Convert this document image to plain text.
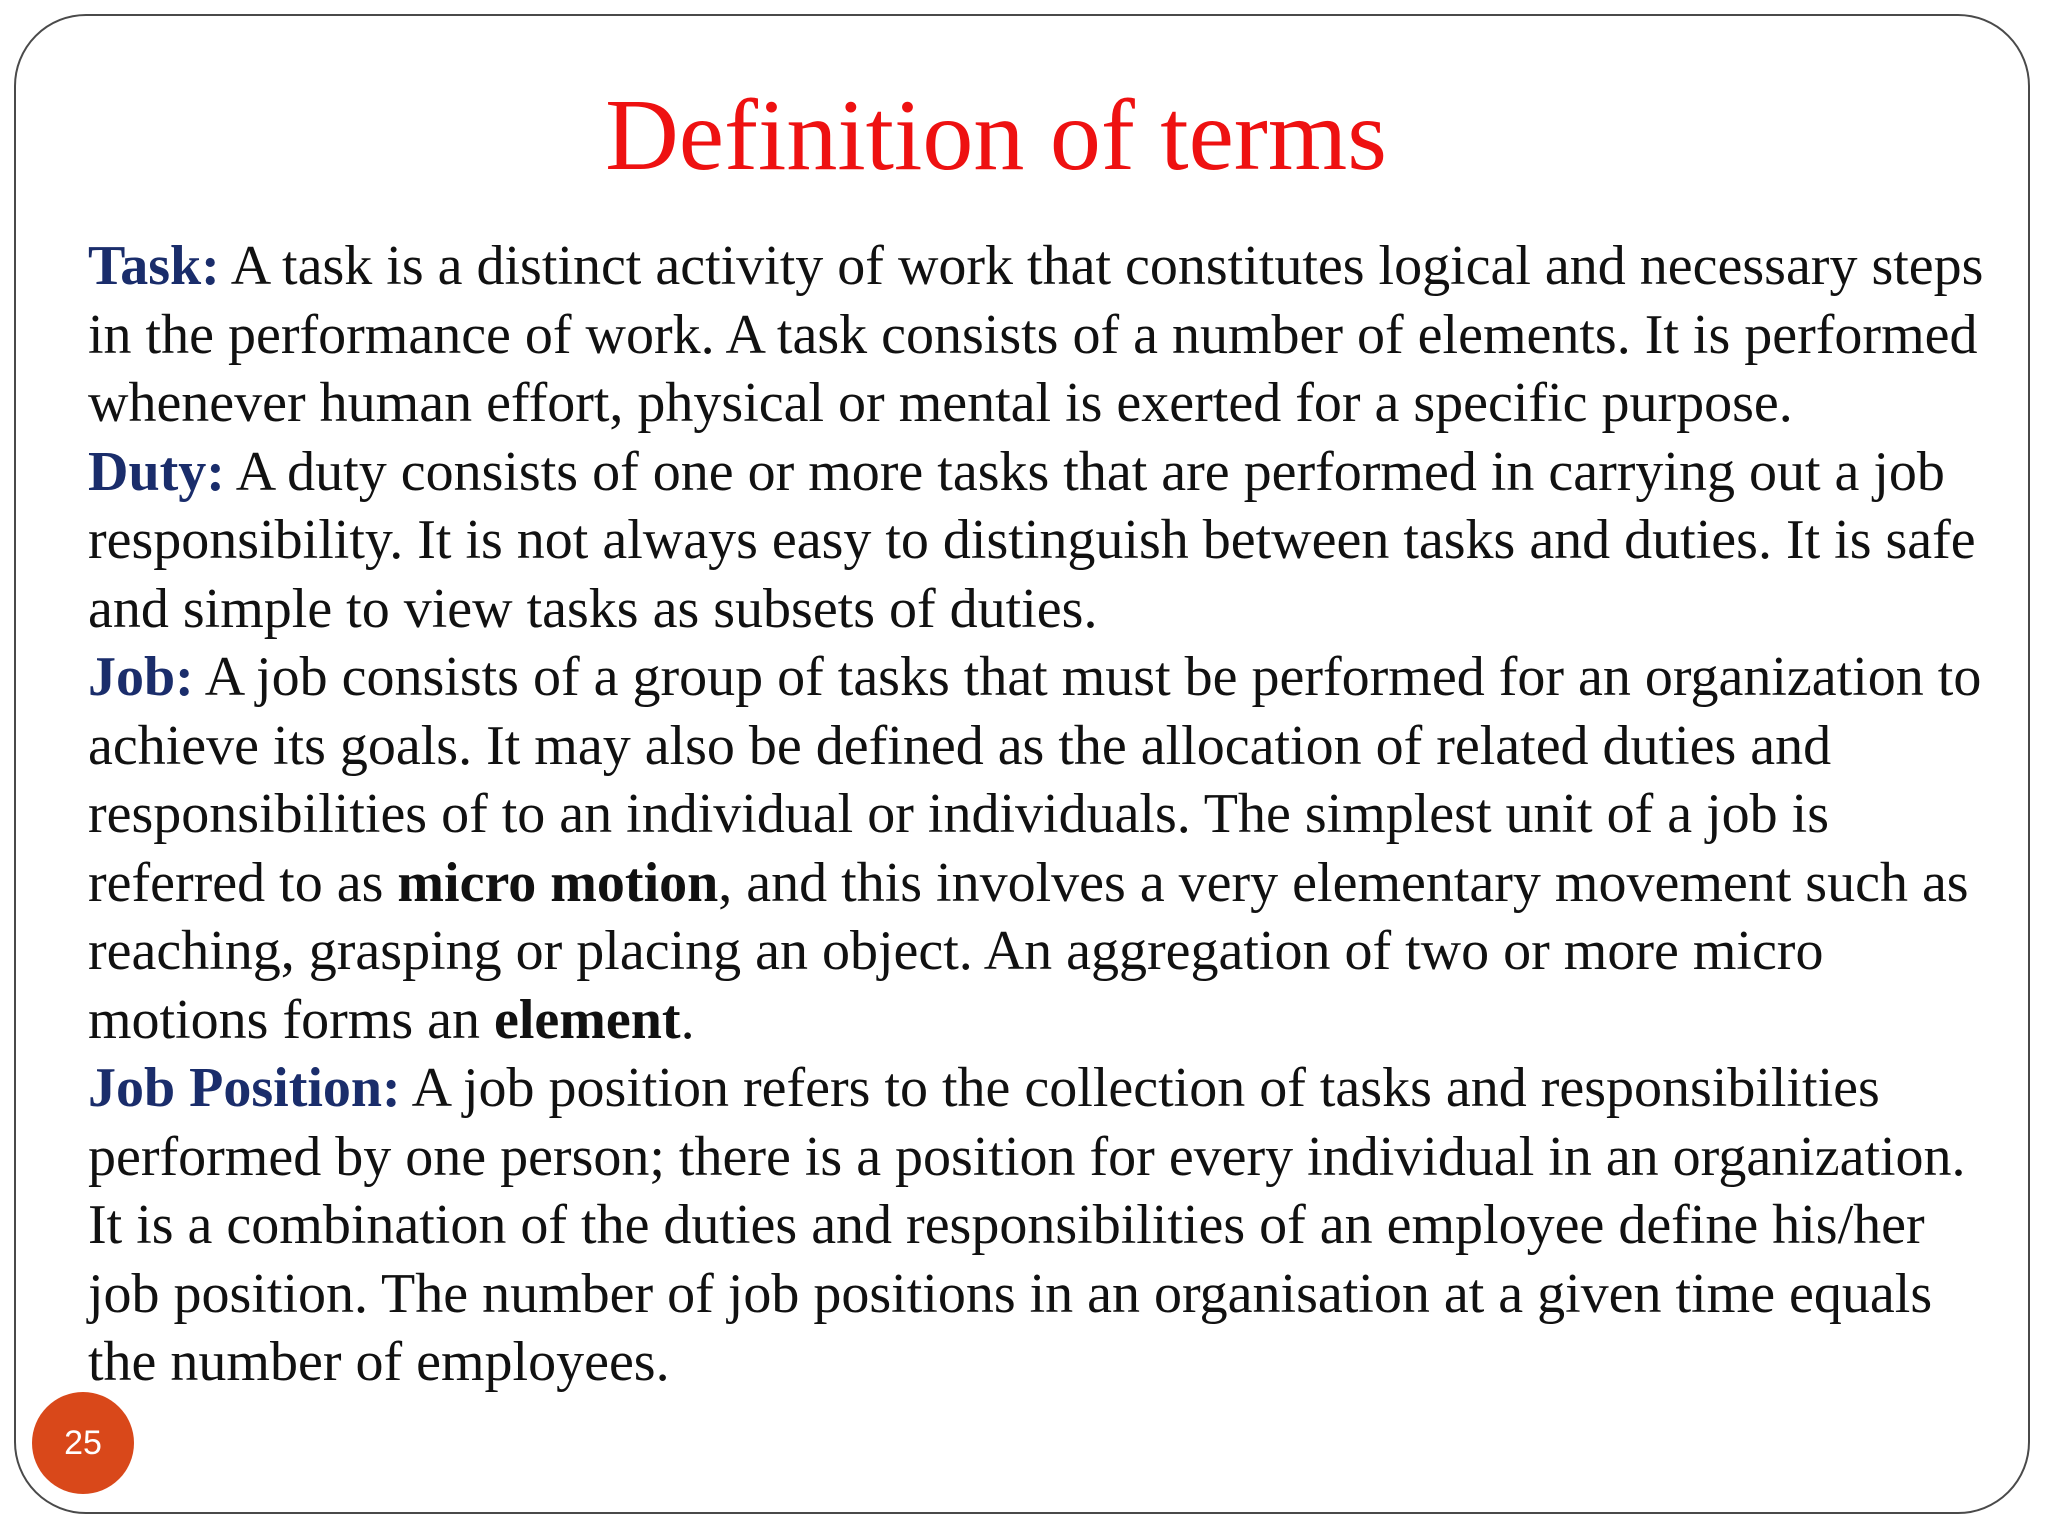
Definition of terms

Task: A task is a distinct activity of work that constitutes logical and necessary steps in the performance of work. A task consists of a number of elements. It is performed whenever human effort, physical or mental is exerted for a specific purpose.

Duty: A duty consists of one or more tasks that are performed in carrying out a job responsibility. It is not always easy to distinguish between tasks and duties. It is safe and simple to view tasks as subsets of duties.

Job: A job consists of a group of tasks that must be performed for an organization to achieve its goals. It may also be defined as the allocation of related duties and responsibilities of to an individual or individuals. The simplest unit of a job is referred to as micro motion, and this involves a very elementary movement such as reaching, grasping or placing an object. An aggregation of two or more micro motions forms an element.

Job Position: A job position refers to the collection of tasks and responsibilities performed by one person; there is a position for every individual in an organization. It is a combination of the duties and responsibilities of an employee define his/her job position. The number of job positions in an organisation at a given time equals the number of employees.

25
